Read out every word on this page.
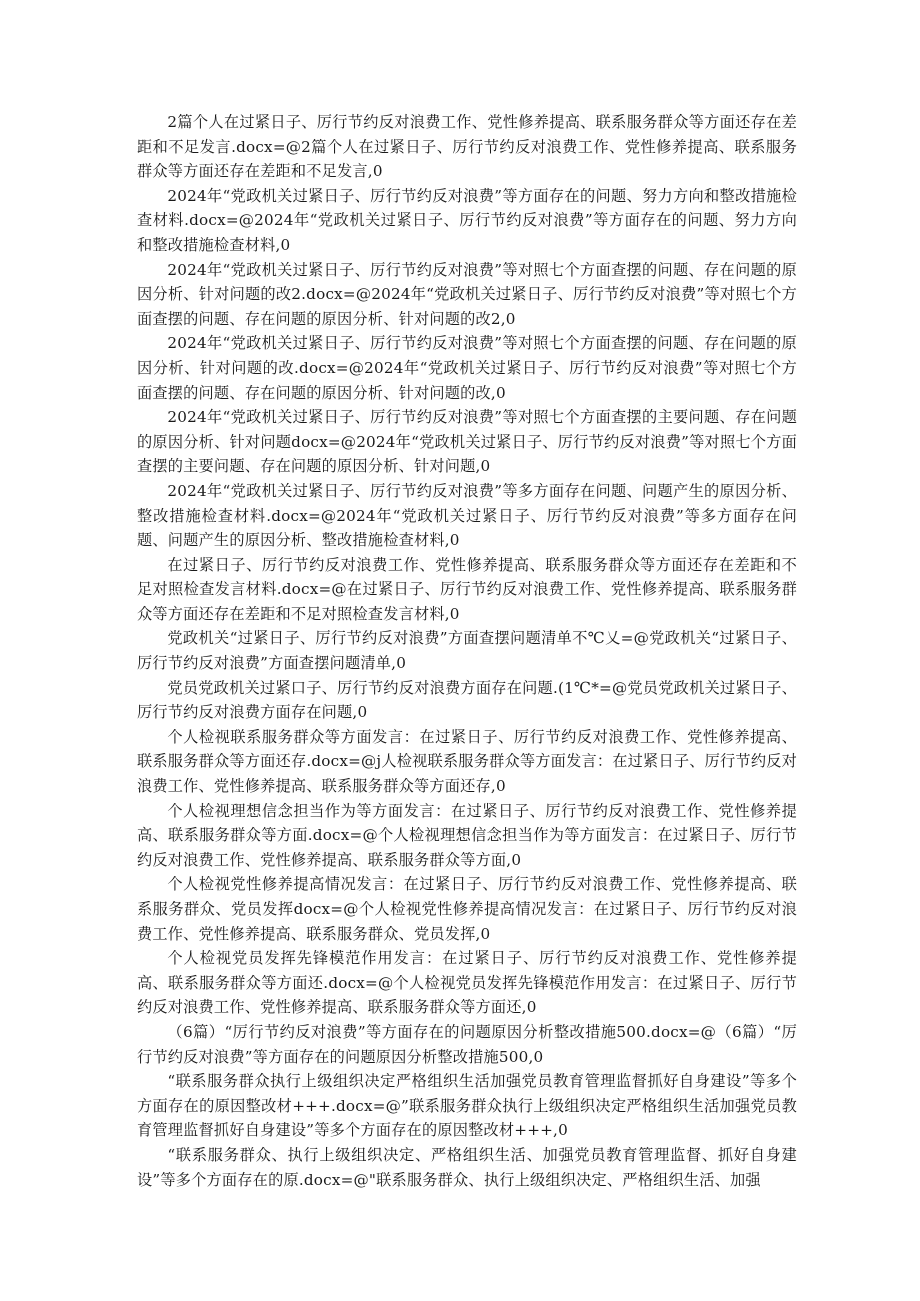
2篇个人在过紧日子、厉行节约反对浪费工作、党性修养提高、联系服务群众等方面还存在差距和不足发言.docx=@2篇个人在过紧日子、厉行节约反对浪费工作、党性修养提高、联系服务群众等方面还存在差距和不足发言,0

2024年“党政机关过紧日子、厉行节约反对浪费”等方面存在的问题、努力方向和整改措施检查材料.docx=@2024年“党政机关过紧日子、厉行节约反对浪费”等方面存在的问题、努力方向和整改措施检查材料,0

2024年“党政机关过紧日子、厉行节约反对浪费”等对照七个方面查摆的问题、存在问题的原因分析、针对问题的改2.docx=@2024年“党政机关过紧日子、厉行节约反对浪费”等对照七个方面查摆的问题、存在问题的原因分析、针对问题的改2,0

2024年“党政机关过紧日子、厉行节约反对浪费”等对照七个方面查摆的问题、存在问题的原因分析、针对问题的改.docx=@2024年“党政机关过紧日子、厉行节约反对浪费”等对照七个方面查摆的问题、存在问题的原因分析、针对问题的改,0

2024年“党政机关过紧日子、厉行节约反对浪费”等对照七个方面查摆的主要问题、存在问题的原因分析、针对问题docx=@2024年“党政机关过紧日子、厉行节约反对浪费”等对照七个方面查摆的主要问题、存在问题的原因分析、针对问题,0

2024年“党政机关过紧日子、厉行节约反对浪费”等多方面存在问题、问题产生的原因分析、整改措施检查材料.docx=@2024年“党政机关过紧日子、厉行节约反对浪费”等多方面存在问题、问题产生的原因分析、整改措施检查材料,0

在过紧日子、厉行节约反对浪费工作、党性修养提高、联系服务群众等方面还存在差距和不足对照检查发言材料.docx=@在过紧日子、厉行节约反对浪费工作、党性修养提高、联系服务群众等方面还存在差距和不足对照检查发言材料,0

党政机关“过紧日子、厉行节约反对浪费”方面查摆问题清单不℃乂=@党政机关“过紧日子、厉行节约反对浪费”方面查摆问题清单,0

党员党政机关过紧口子、厉行节约反对浪费方面存在问题.(1℃*=@党员党政机关过紧日子、厉行节约反对浪费方面存在问题,0

个人检视联系服务群众等方面发言：在过紧日子、厉行节约反对浪费工作、党性修养提高、联系服务群众等方面还存.docx=@j人检视联系服务群众等方面发言：在过紧日子、厉行节约反对浪费工作、党性修养提高、联系服务群众等方面还存,0

个人检视理想信念担当作为等方面发言：在过紧日子、厉行节约反对浪费工作、党性修养提高、联系服务群众等方面.docx=@个人检视理想信念担当作为等方面发言：在过紧日子、厉行节约反对浪费工作、党性修养提高、联系服务群众等方面,0

个人检视党性修养提高情况发言：在过紧日子、厉行节约反对浪费工作、党性修养提高、联系服务群众、党员发挥docx=@个人检视党性修养提高情况发言：在过紧日子、厉行节约反对浪费工作、党性修养提高、联系服务群众、党员发挥,0

个人检视党员发挥先锋模范作用发言：在过紧日子、厉行节约反对浪费工作、党性修养提高、联系服务群众等方面还.docx=@个人检视党员发挥先锋模范作用发言：在过紧日子、厉行节约反对浪费工作、党性修养提高、联系服务群众等方面还,0

（6篇）“厉行节约反对浪费”等方面存在的问题原因分析整改措施500.docx=@（6篇）“厉行节约反对浪费”等方面存在的问题原因分析整改措施500,0

“联系服务群众执行上级组织决定严格组织生活加强党员教育管理监督抓好自身建设”等多个方面存在的原因整改材+++.docx=@”联系服务群众执行上级组织决定严格组织生活加强党员教育管理监督抓好自身建设”等多个方面存在的原因整改材+++,0

“联系服务群众、执行上级组织决定、严格组织生活、加强党员教育管理监督、抓好自身建设”等多个方面存在的原.docx=@"联系服务群众、执行上级组织决定、严格组织生活、加强
